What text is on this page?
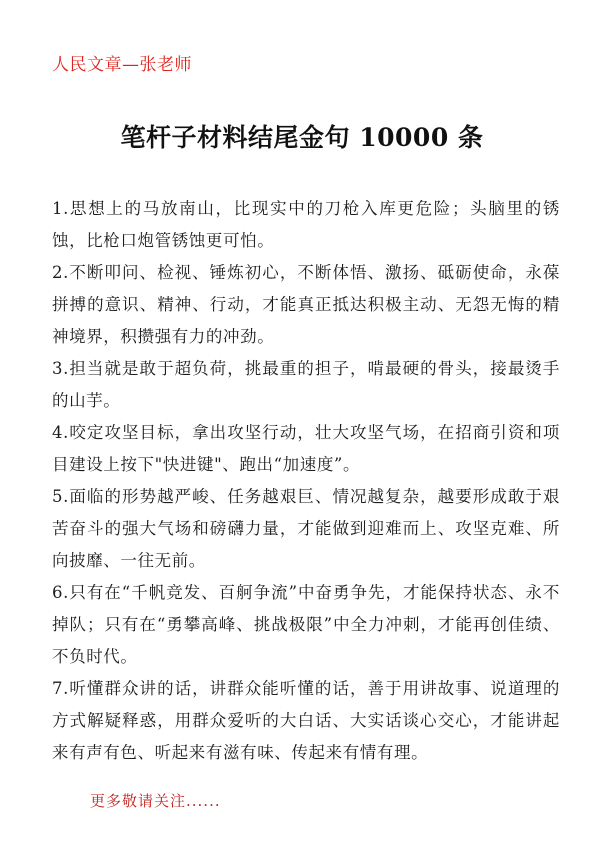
人民文章—张老师
笔杆子材料结尾金句 10000 条

1.思想上的马放南山，比现实中的刀枪入库更危险；头脑里的锈蚀，比枪口炮管锈蚀更可怕。

2.不断叩问、检视、锤炼初心，不断体悟、激扬、砥砺使命，永葆拼搏的意识、精神、行动，才能真正抵达积极主动、无怨无悔的精神境界，积攒强有力的冲劲。

3.担当就是敢于超负荷，挑最重的担子，啃最硬的骨头，接最烫手的山芋。

4.咬定攻坚目标，拿出攻坚行动，壮大攻坚气场，在招商引资和项目建设上按下"快进键"、跑出“加速度”。

5.面临的形势越严峻、任务越艰巨、情况越复杂，越要形成敢于艰苦奋斗的强大气场和磅礴力量，才能做到迎难而上、攻坚克难、所向披靡、一往无前。

6.只有在“千帆竞发、百舸争流”中奋勇争先，才能保持状态、永不掉队；只有在“勇攀高峰、挑战极限”中全力冲刺，才能再创佳绩、不负时代。

7.听懂群众讲的话，讲群众能听懂的话，善于用讲故事、说道理的方式解疑释惑，用群众爱听的大白话、大实话谈心交心，才能讲起来有声有色、听起来有滋有味、传起来有情有理。

更多敬请关注......
